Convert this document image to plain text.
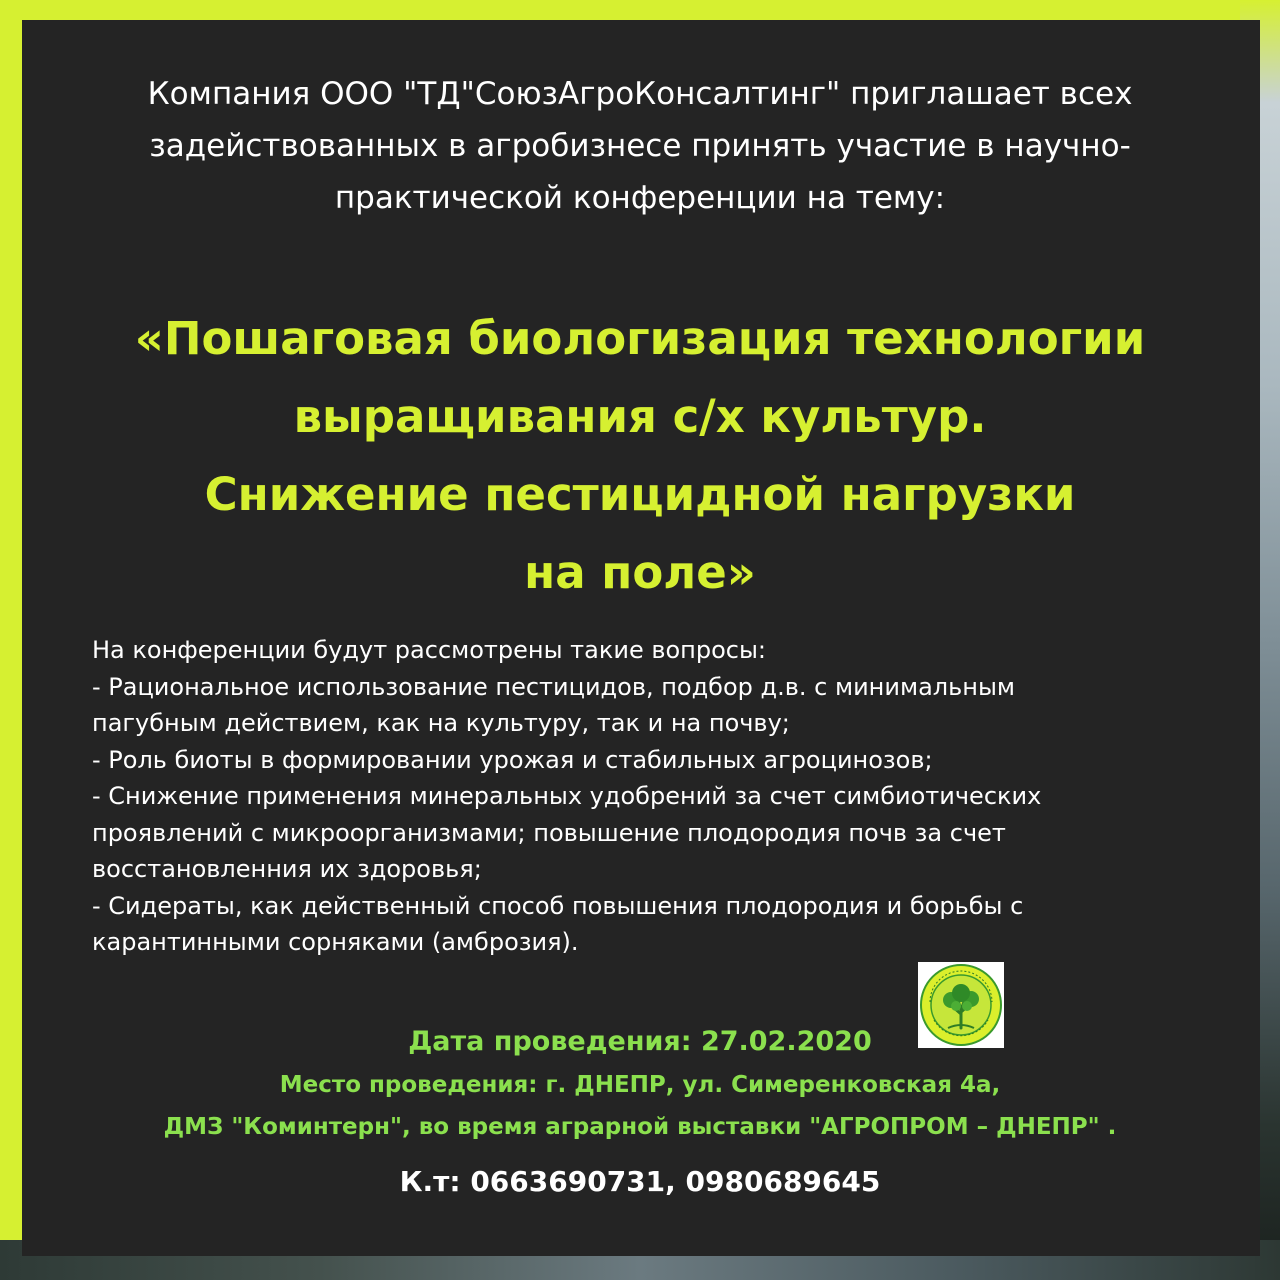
Компания ООО "ТД"СоюзАгроКонсалтинг" приглашает всех
задействованных в агробизнесе принять участие в научно-
практической конференции на тему:
«Пошаговая биологизация технологии
выращивания с/х культур.
Снижение пестицидной нагрузки
на поле»
На конференции будут рассмотрены такие вопросы:
- Рациональное использование пестицидов, подбор д.в. с минимальным
пагубным действием, как на культуру, так и на почву;
- Роль биоты в формировании урожая и стабильных агроцинозов;
- Снижение применения минеральных удобрений за счет симбиотических
проявлений с микроорганизмами; повышение плодородия почв за счет
восстановленния их здоровья;
- Сидераты, как действенный способ повышения плодородия и борьбы с
карантинными сорняками (амброзия).
Дата проведения: 27.02.2020
Место проведения: г. ДНЕПР, ул. Симеренковская 4а,
ДМЗ "Коминтерн", во время аграрной выставки "АГРОПРОМ – ДНЕПР" .
К.т: 0663690731, 0980689645
